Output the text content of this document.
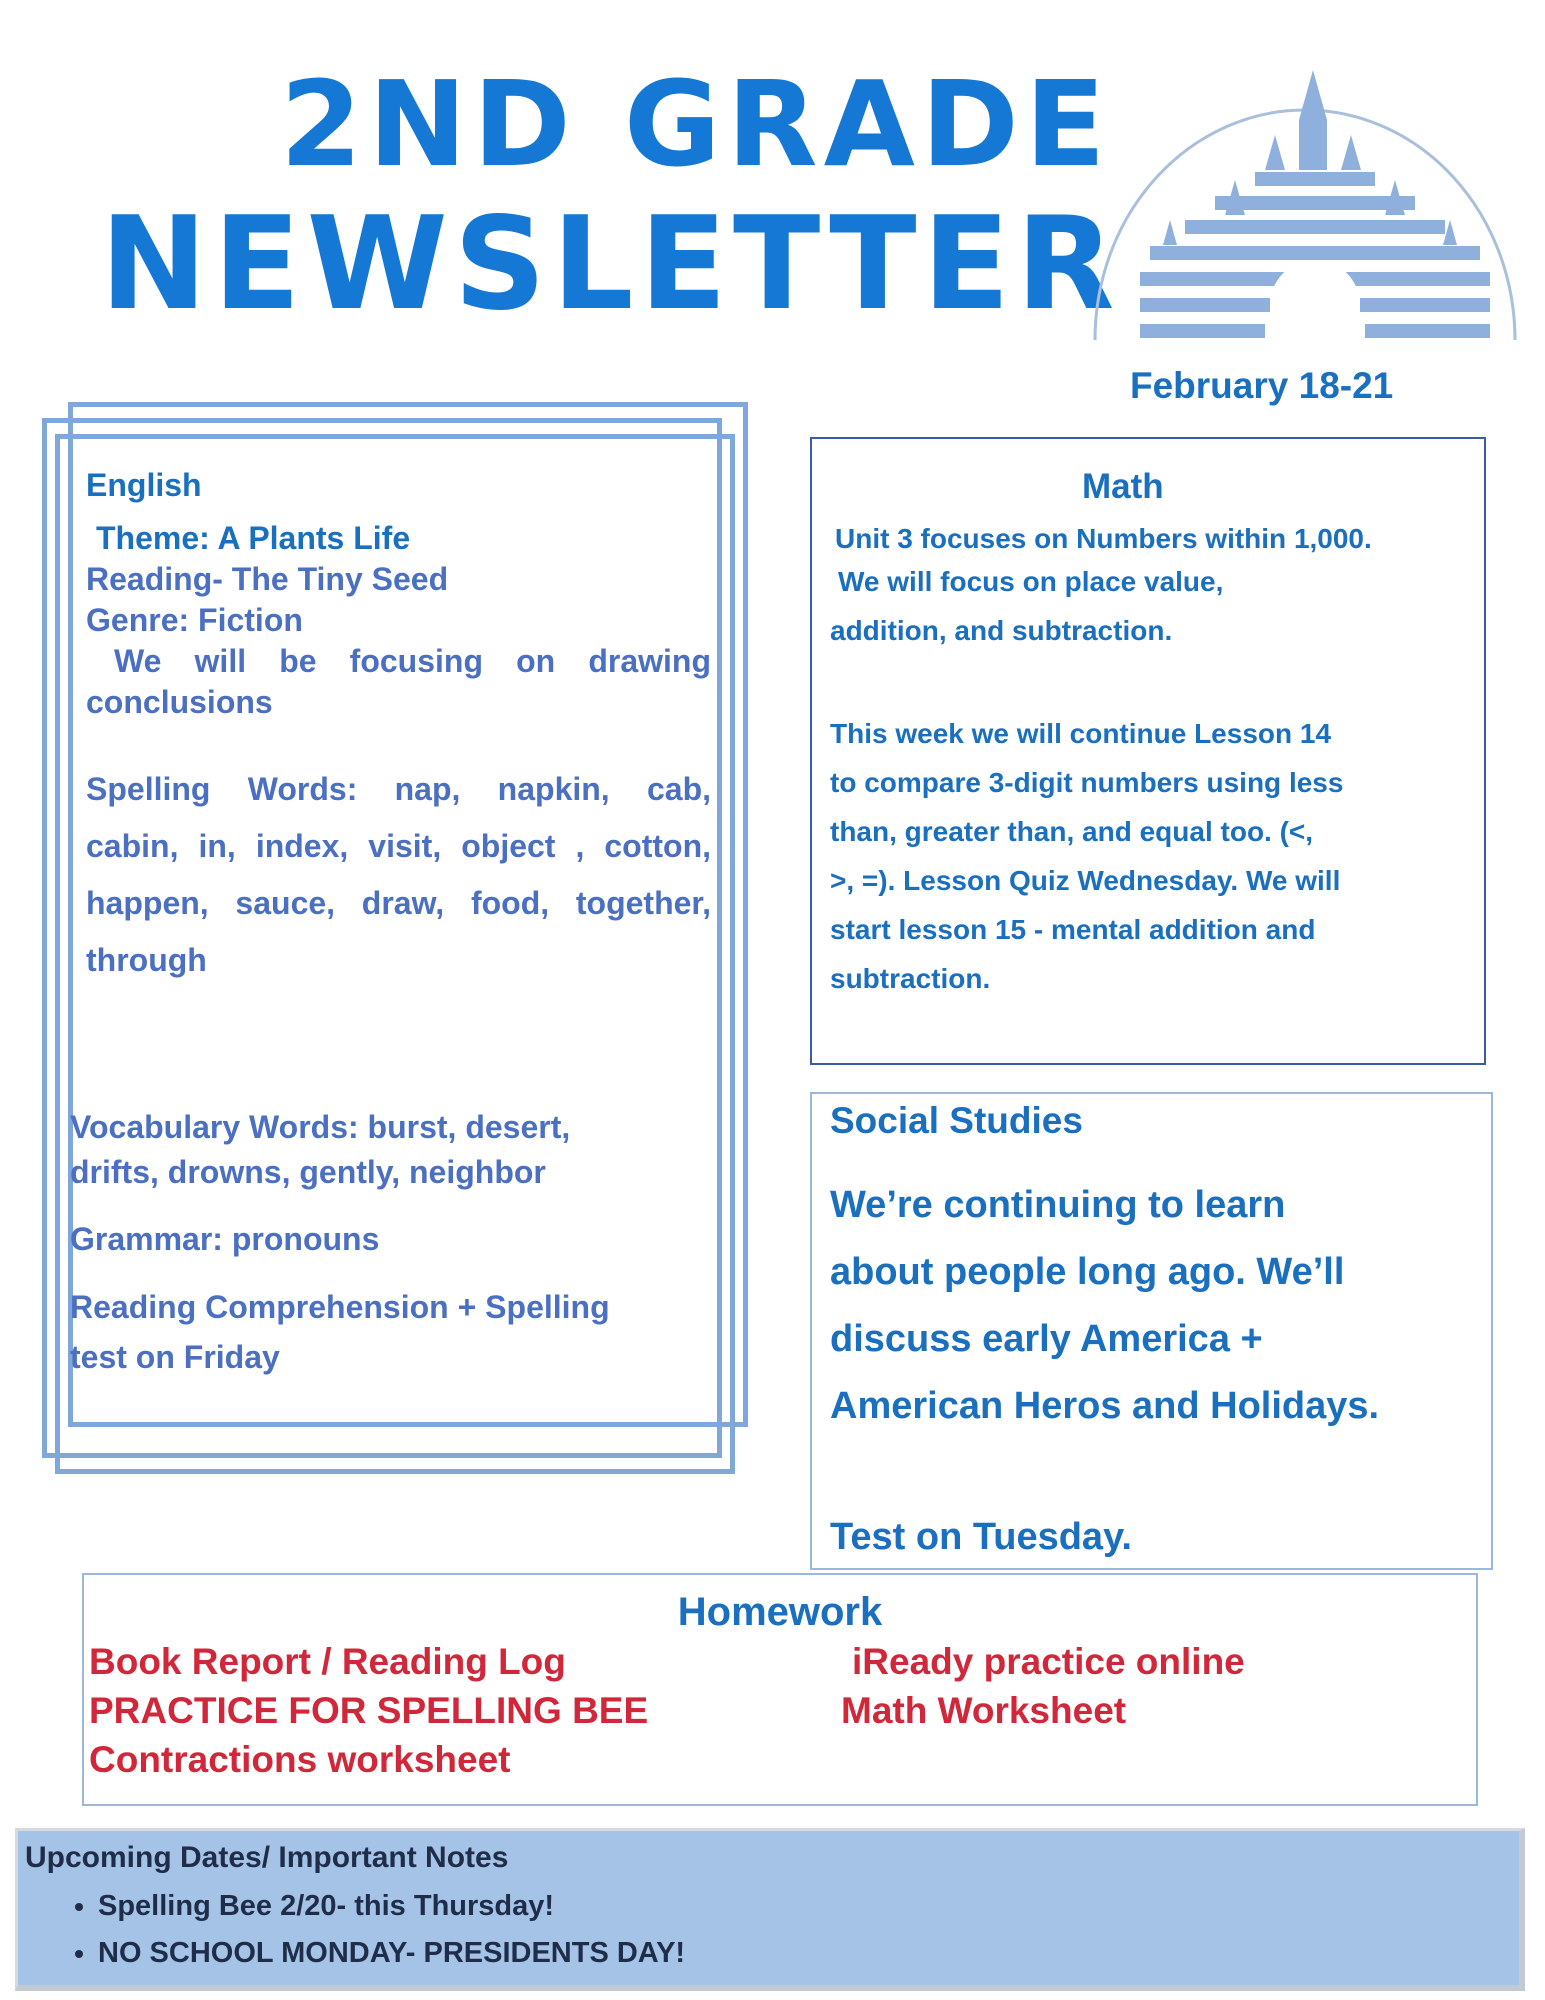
2ND GRADE
NEWSLETTER
February 18-21
English
Theme: A Plants Life
Reading- The Tiny Seed
Genre: Fiction
We will be focusing on drawing
conclusions
Spelling Words: nap, napkin, cab,
cabin, in, index, visit, object , cotton,
happen, sauce, draw, food, together,
through
Vocabulary Words: burst, desert,
drifts, drowns, gently, neighbor
Grammar: pronouns
Reading Comprehension + Spelling
test on Friday
Math
Unit 3 focuses on Numbers within 1,000.
We will focus on place value,
addition, and subtraction.
This week we will continue Lesson 14
to compare 3-digit numbers using less
than, greater than, and equal too. (<,
>, =). Lesson Quiz Wednesday. We will
start lesson 15 - mental addition and
subtraction.
Social Studies
We’re continuing to learn
about people long ago. We’ll
discuss early America +
American Heros and Holidays.
Test on Tuesday.
Homework
Book Report / Reading Log
PRACTICE FOR SPELLING BEE
Contractions worksheet
iReady practice online
Math Worksheet
Upcoming Dates/ Important Notes
• Spelling Bee 2/20- this Thursday!
• NO SCHOOL MONDAY- PRESIDENTS DAY!
